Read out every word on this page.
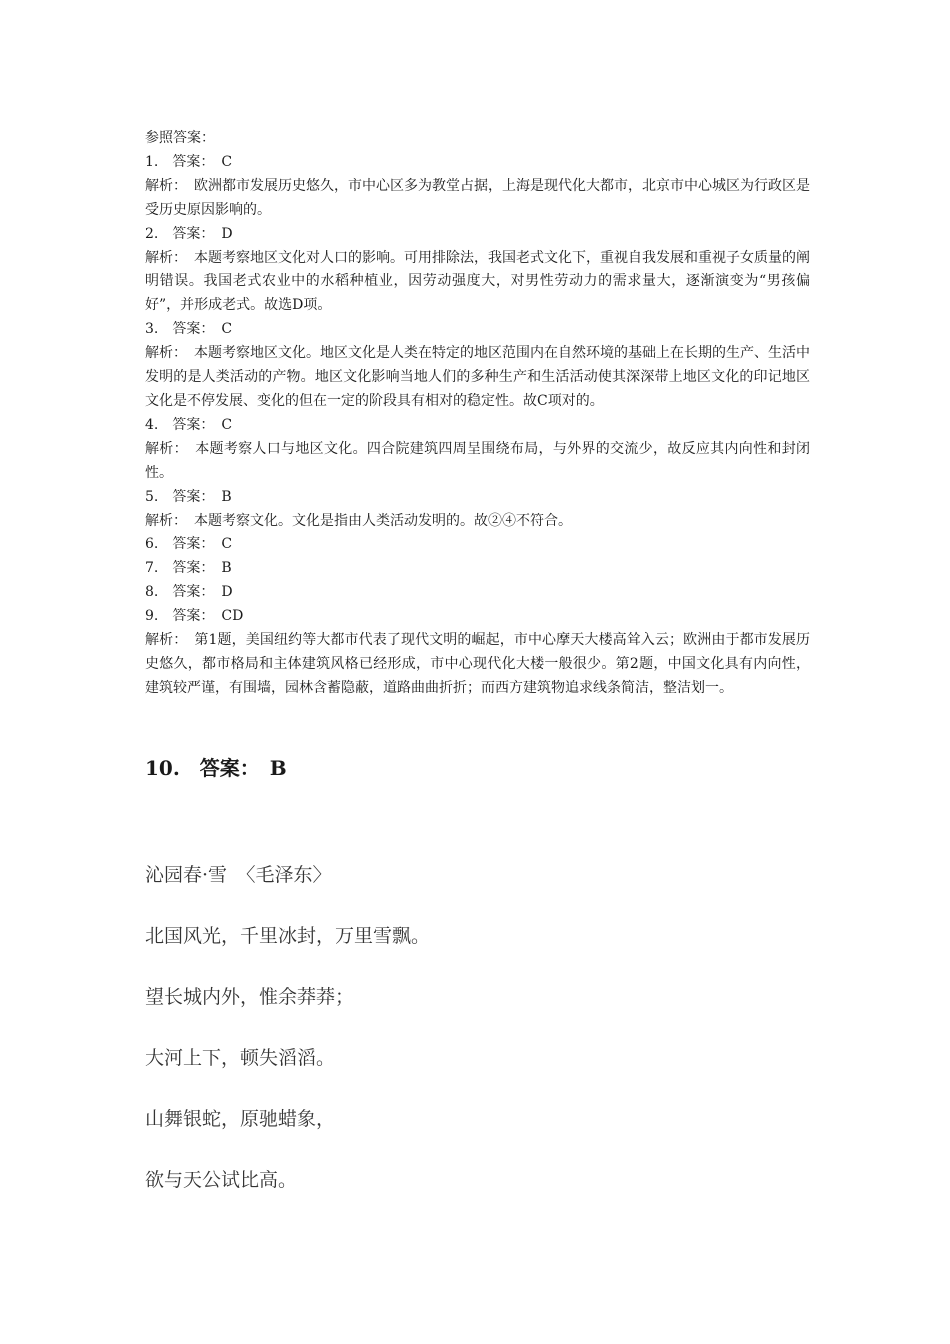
参照答案：

1.　答案：　C

解析：　欧洲都市发展历史悠久，市中心区多为教堂占据，上海是现代化大都市，北京市中心城区为行政区是受历史原因影响的。

2.　答案：　D

解析：　本题考察地区文化对人口的影响。可用排除法，我国老式文化下，重视自我发展和重视子女质量的阐明错误。我国老式农业中的水稻种植业，因劳动强度大，对男性劳动力的需求量大，逐渐演变为“男孩偏好”，并形成老式。故选D项。

3.　答案：　C

解析：　本题考察地区文化。地区文化是人类在特定的地区范围内在自然环境的基础上在长期的生产、生活中发明的是人类活动的产物。地区文化影响当地人们的多种生产和生活活动使其深深带上地区文化的印记地区文化是不停发展、变化的但在一定的阶段具有相对的稳定性。故C项对的。

4.　答案：　C

解析：　本题考察人口与地区文化。四合院建筑四周呈围绕布局，与外界的交流少，故反应其内向性和封闭性。

5.　答案：　B

解析：　本题考察文化。文化是指由人类活动发明的。故②④不符合。

6.　答案：　C

7.　答案：　B

8.　答案：　D

9.　答案：　CD

解析：　第1题，美国纽约等大都市代表了现代文明的崛起，市中心摩天大楼高耸入云；欧洲由于都市发展历史悠久，都市格局和主体建筑风格已经形成，市中心现代化大楼一般很少。第2题，中国文化具有内向性，建筑较严谨，有围墙，园林含蓄隐蔽，道路曲曲折折；而西方建筑物追求线条简洁，整洁划一。

10.　答案：　B

沁园春·雪　〈毛泽东〉

北国风光，千里冰封，万里雪飘。

望长城内外，惟余莽莽；

大河上下，顿失滔滔。

山舞银蛇，原驰蜡象，

欲与天公试比高。
